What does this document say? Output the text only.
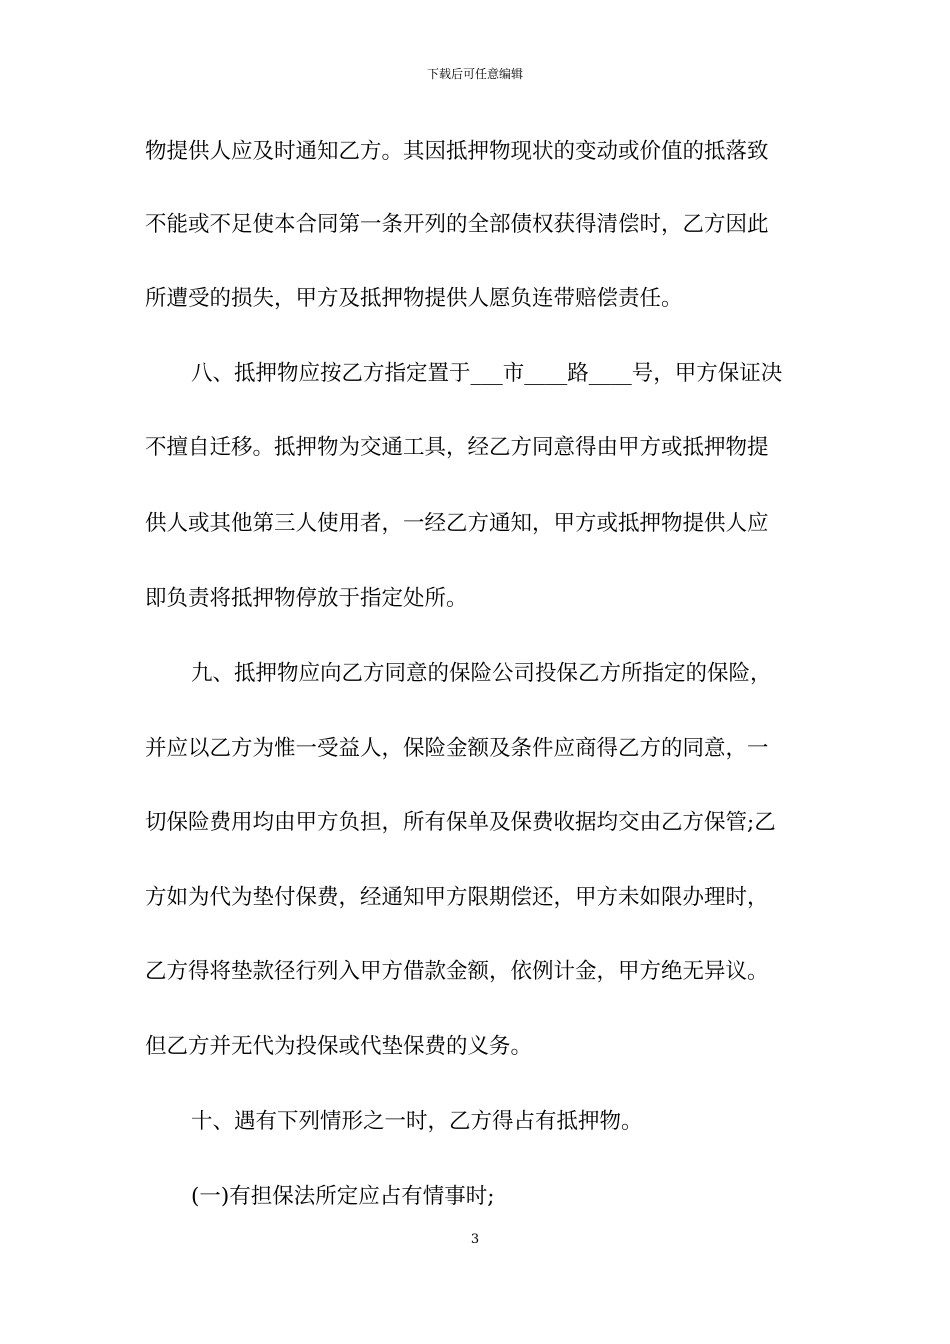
下载后可任意编辑
物提供人应及时通知乙方。其因抵押物现状的变动或价值的抵落致
不能或不足使本合同第一条开列的全部债权获得清偿时，乙方因此
所遭受的损失，甲方及抵押物提供人愿负连带赔偿责任。
八、抵押物应按乙方指定置于___市____路____号，甲方保证决
不擅自迁移。抵押物为交通工具，经乙方同意得由甲方或抵押物提
供人或其他第三人使用者，一经乙方通知，甲方或抵押物提供人应
即负责将抵押物停放于指定处所。
九、抵押物应向乙方同意的保险公司投保乙方所指定的保险，
并应以乙方为惟一受益人，保险金额及条件应商得乙方的同意，一
切保险费用均由甲方负担，所有保单及保费收据均交由乙方保管;乙
方如为代为垫付保费，经通知甲方限期偿还，甲方未如限办理时，
乙方得将垫款径行列入甲方借款金额，依例计金，甲方绝无异议。
但乙方并无代为投保或代垫保费的义务。
十、遇有下列情形之一时，乙方得占有抵押物。
(一)有担保法所定应占有情事时;
3
